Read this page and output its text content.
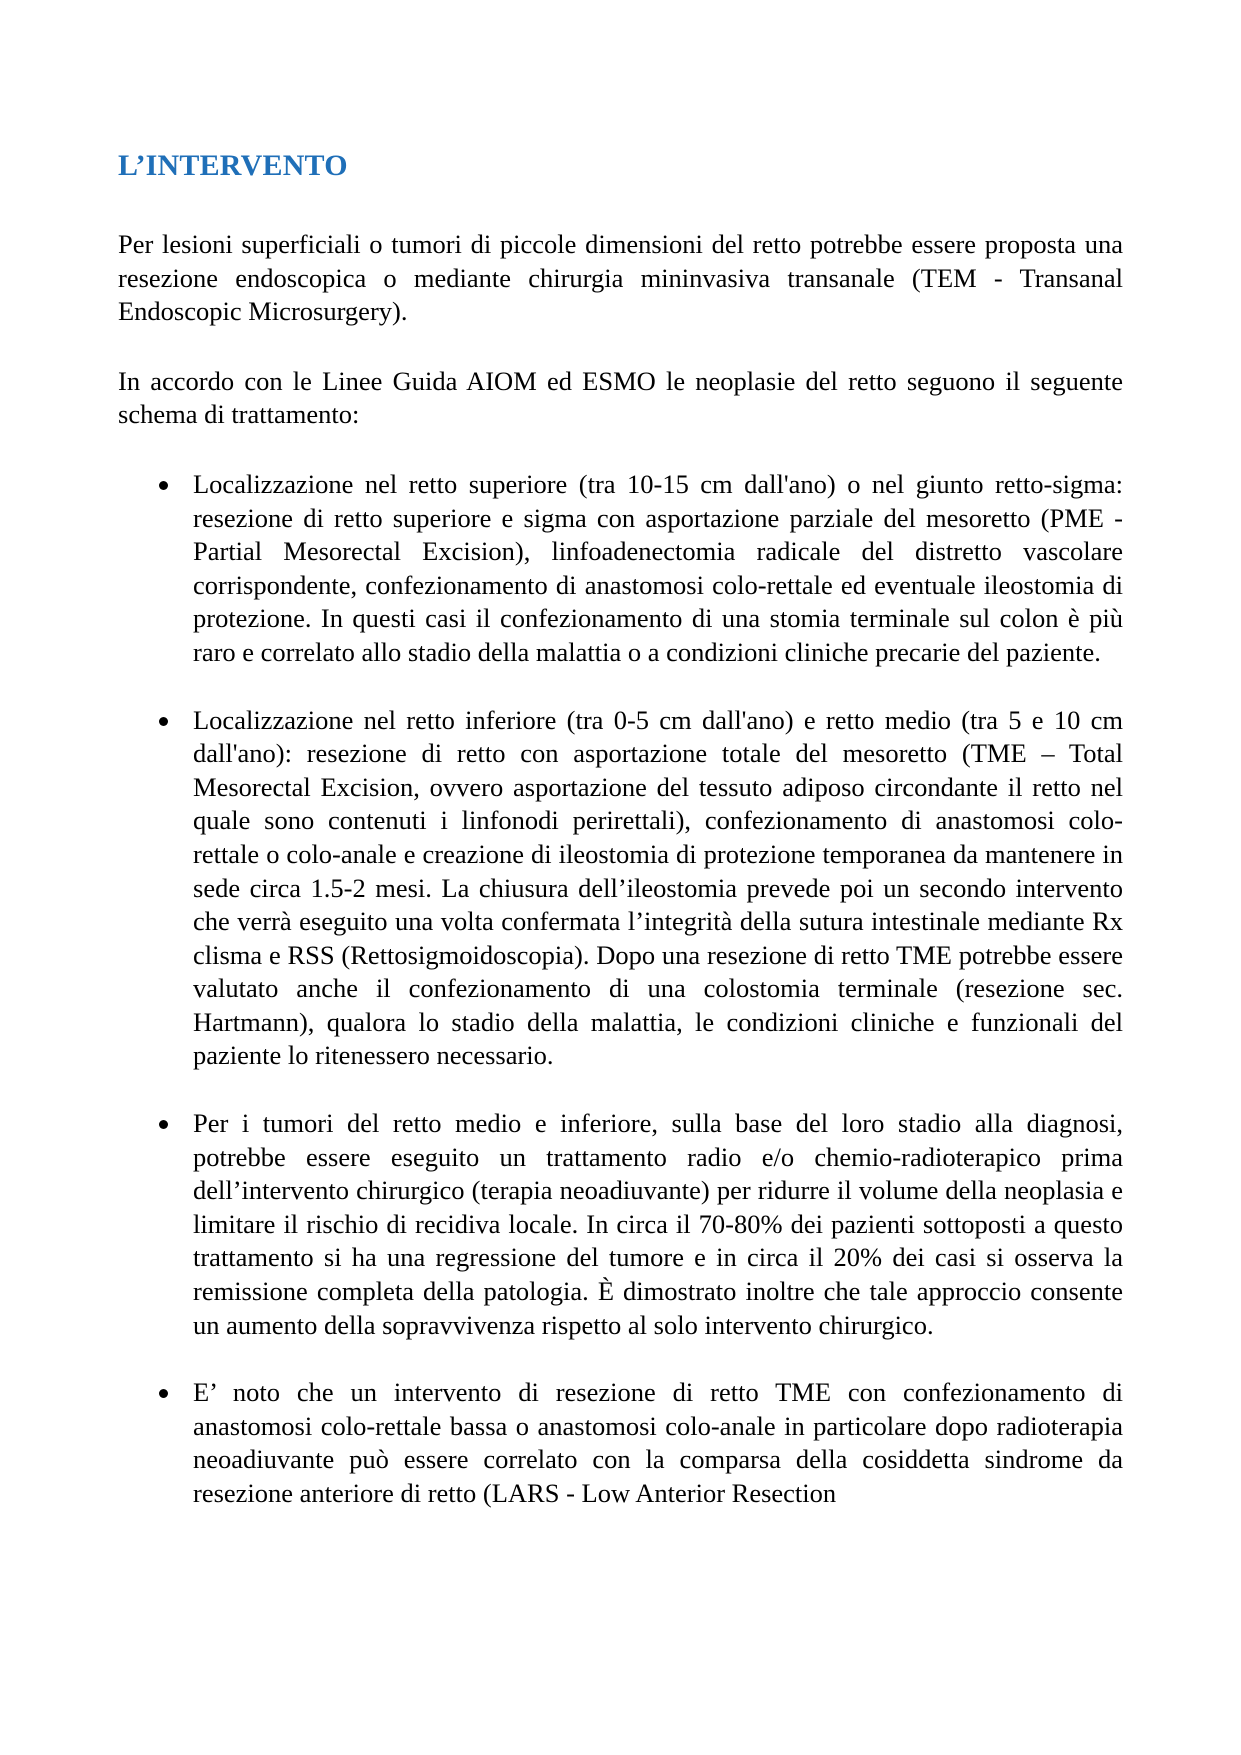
L’INTERVENTO

Per lesioni superficiali o tumori di piccole dimensioni del retto potrebbe essere proposta una resezione endoscopica o mediante chirurgia mininvasiva transanale (TEM - Transanal Endoscopic Microsurgery).

In accordo con le Linee Guida AIOM ed ESMO le neoplasie del retto seguono il seguente schema di trattamento:

Localizzazione nel retto superiore (tra 10-15 cm dall'ano) o nel giunto retto-sigma: resezione di retto superiore e sigma con asportazione parziale del mesoretto (PME - Partial Mesorectal Excision), linfoadenectomia radicale del distretto vascolare corrispondente, confezionamento di anastomosi colo-rettale ed eventuale ileostomia di protezione. In questi casi il confezionamento di una stomia terminale sul colon è più raro e correlato allo stadio della malattia o a condizioni cliniche precarie del paziente.
Localizzazione nel retto inferiore (tra 0-5 cm dall'ano) e retto medio (tra 5 e 10 cm dall'ano): resezione di retto con asportazione totale del mesoretto (TME – Total Mesorectal Excision, ovvero asportazione del tessuto adiposo circondante il retto nel quale sono contenuti i linfonodi perirettali), confezionamento di anastomosi colo-rettale o colo-anale e creazione di ileostomia di protezione temporanea da mantenere in sede circa 1.5-2 mesi. La chiusura dell’ileostomia prevede poi un secondo intervento che verrà eseguito una volta confermata l’integrità della sutura intestinale mediante Rx clisma e RSS (Rettosigmoidoscopia). Dopo una resezione di retto TME potrebbe essere valutato anche il confezionamento di una colostomia terminale (resezione sec. Hartmann), qualora lo stadio della malattia, le condizioni cliniche e funzionali del paziente lo ritenessero necessario.
Per i tumori del retto medio e inferiore, sulla base del loro stadio alla diagnosi, potrebbe essere eseguito un trattamento radio e/o chemio-radioterapico prima dell’intervento chirurgico (terapia neoadiuvante) per ridurre il volume della neoplasia e limitare il rischio di recidiva locale. In circa il 70-80% dei pazienti sottoposti a questo trattamento si ha una regressione del tumore e in circa il 20% dei casi si osserva la remissione completa della patologia. È dimostrato inoltre che tale approccio consente un aumento della sopravvivenza rispetto al solo intervento chirurgico.
E’ noto che un intervento di resezione di retto TME con confezionamento di anastomosi colo-rettale bassa o anastomosi colo-anale in particolare dopo radioterapia neoadiuvante può essere correlato con la comparsa della cosiddetta sindrome da resezione anteriore di retto (LARS - Low Anterior Resection
